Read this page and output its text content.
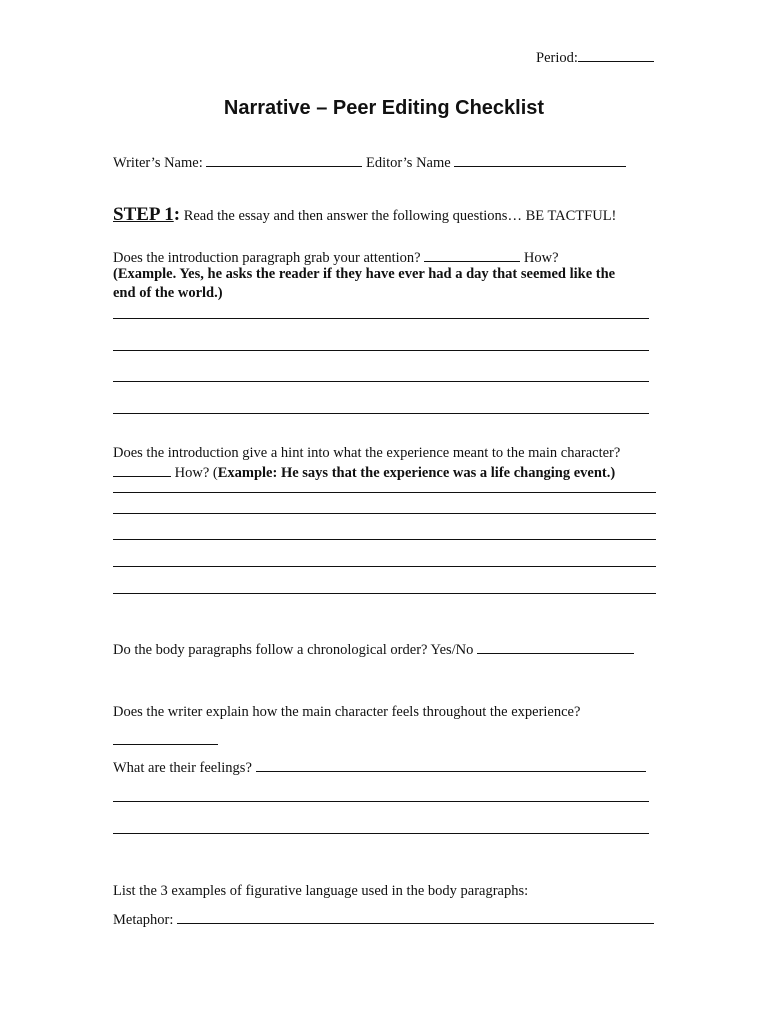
Period:
Narrative – Peer Editing Checklist
Writer’s Name:	Editor’s Name
STEP 1: Read the essay and then answer the following questions… BE TACTFUL!
Does the introduction paragraph grab your attention?	How?
(Example. Yes, he asks the reader if they have ever had a day that seemed like the
end of the world.)
Does the introduction give a hint into what the experience meant to the main character?
How? (Example: He says that the experience was a life changing event.)
Do the body paragraphs follow a chronological order? Yes/No
Does the writer explain how the main character feels throughout the experience?
What are their feelings?
List the 3 examples of figurative language used in the body paragraphs:
Metaphor:
